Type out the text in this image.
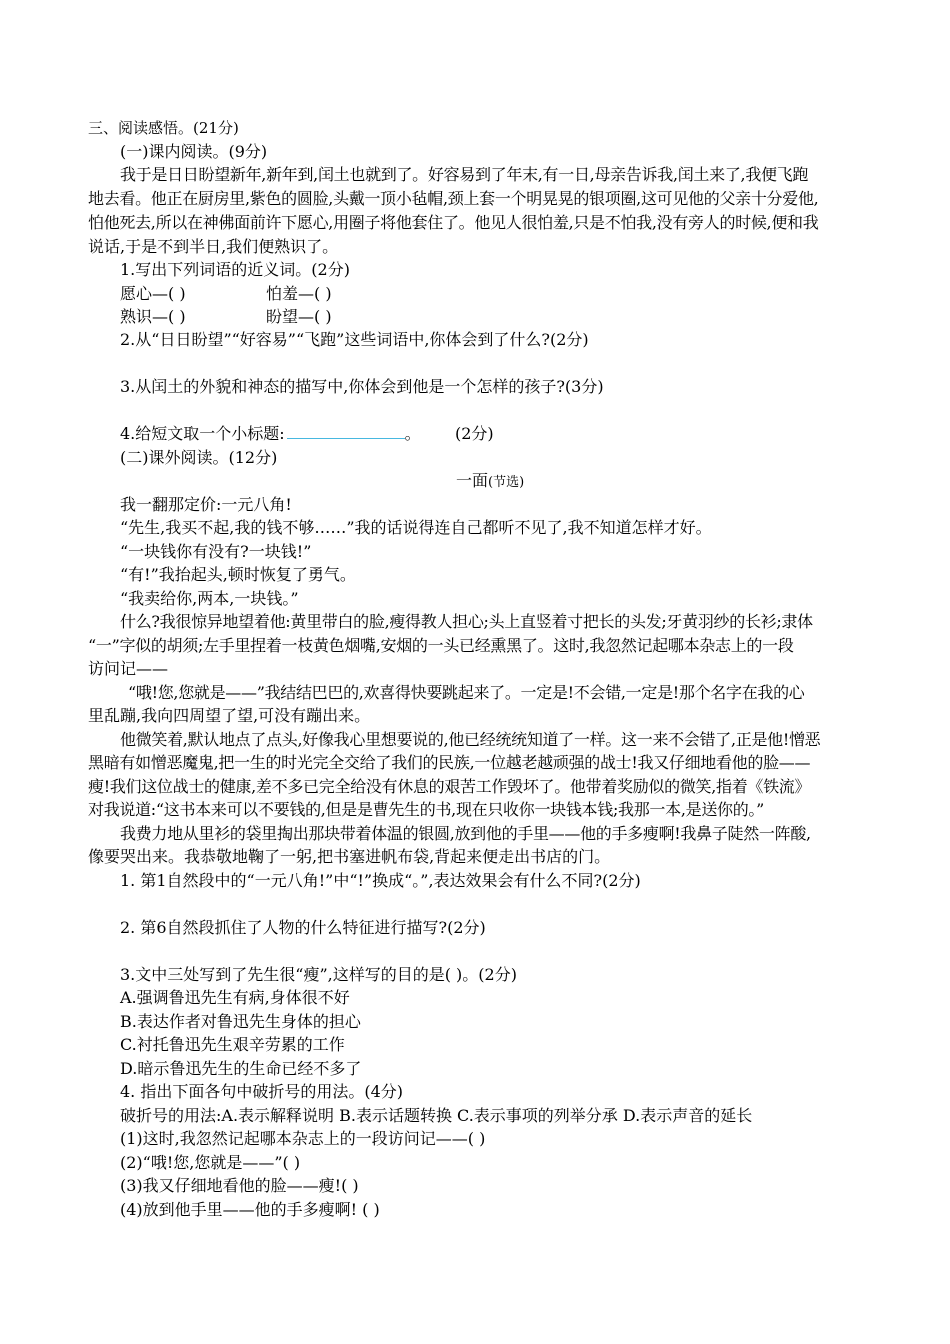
三、阅读感悟。(21分)
(一)课内阅读。(9分)
我于是日日盼望新年,新年到,闰土也就到了。好容易到了年末,有一日,母亲告诉我,闰土来了,我便飞跑
地去看。他正在厨房里,紫色的圆脸,头戴一顶小毡帽,颈上套一个明晃晃的银项圈,这可见他的父亲十分爱他,
怕他死去,所以在神佛面前许下愿心,用圈子将他套住了。他见人很怕羞,只是不怕我,没有旁人的时候,便和我
说话,于是不到半日,我们便熟识了。
1.写出下列词语的近义词。(2分)
愿心—( )	怕羞—( )
熟识—( )	盼望—( )
2.从“日日盼望”“好容易”“飞跑”这些词语中,你体会到了什么?(2分)
3.从闰土的外貌和神态的描写中,你体会到他是一个怎样的孩子?(3分)
4.给短文取一个小标题:	。 (2分)
(二)课外阅读。(12分)
一面(节选)
我一翻那定价:一元八角!
“先生,我买不起,我的钱不够……”我的话说得连自己都听不见了,我不知道怎样才好。
“一块钱你有没有?一块钱!”
“有!”我抬起头,顿时恢复了勇气。
“我卖给你,两本,一块钱。”
什么?我很惊异地望着他:黄里带白的脸,瘦得教人担心;头上直竖着寸把长的头发;牙黄羽纱的长衫;隶体
“一”字似的胡须;左手里捏着一枝黄色烟嘴,安烟的一头已经熏黑了。这时,我忽然记起哪本杂志上的一段
访问记——
“哦!您,您就是——”我结结巴巴的,欢喜得快要跳起来了。一定是!不会错,一定是!那个名字在我的心
里乱蹦,我向四周望了望,可没有蹦出来。
他微笑着,默认地点了点头,好像我心里想要说的,他已经统统知道了一样。这一来不会错了,正是他!憎恶
黑暗有如憎恶魔鬼,把一生的时光完全交给了我们的民族,一位越老越顽强的战士!我又仔细地看他的脸——
瘦!我们这位战士的健康,差不多已完全给没有休息的艰苦工作毁坏了。他带着奖励似的微笑,指着《铁流》
对我说道:“这书本来可以不要钱的,但是是曹先生的书,现在只收你一块钱本钱;我那一本,是送你的。”
我费力地从里衫的袋里掏出那块带着体温的银圆,放到他的手里——他的手多瘦啊!我鼻子陡然一阵酸,
像要哭出来。我恭敬地鞠了一躬,把书塞进帆布袋,背起来便走出书店的门。
1. 第1自然段中的“一元八角!”中“!”换成“。”,表达效果会有什么不同?(2分)
2. 第6自然段抓住了人物的什么特征进行描写?(2分)
3.文中三处写到了先生很“瘦”,这样写的目的是( )。(2分)
A.强调鲁迅先生有病,身体很不好
B.表达作者对鲁迅先生身体的担心
C.衬托鲁迅先生艰辛劳累的工作
D.暗示鲁迅先生的生命已经不多了
4. 指出下面各句中破折号的用法。(4分)
破折号的用法:A.表示解释说明 B.表示话题转换 C.表示事项的列举分承 D.表示声音的延长
(1)这时,我忽然记起哪本杂志上的一段访问记——( )
(2)“哦!您,您就是——”( )
(3)我又仔细地看他的脸——瘦!( )
(4)放到他手里——他的手多瘦啊! ( )
